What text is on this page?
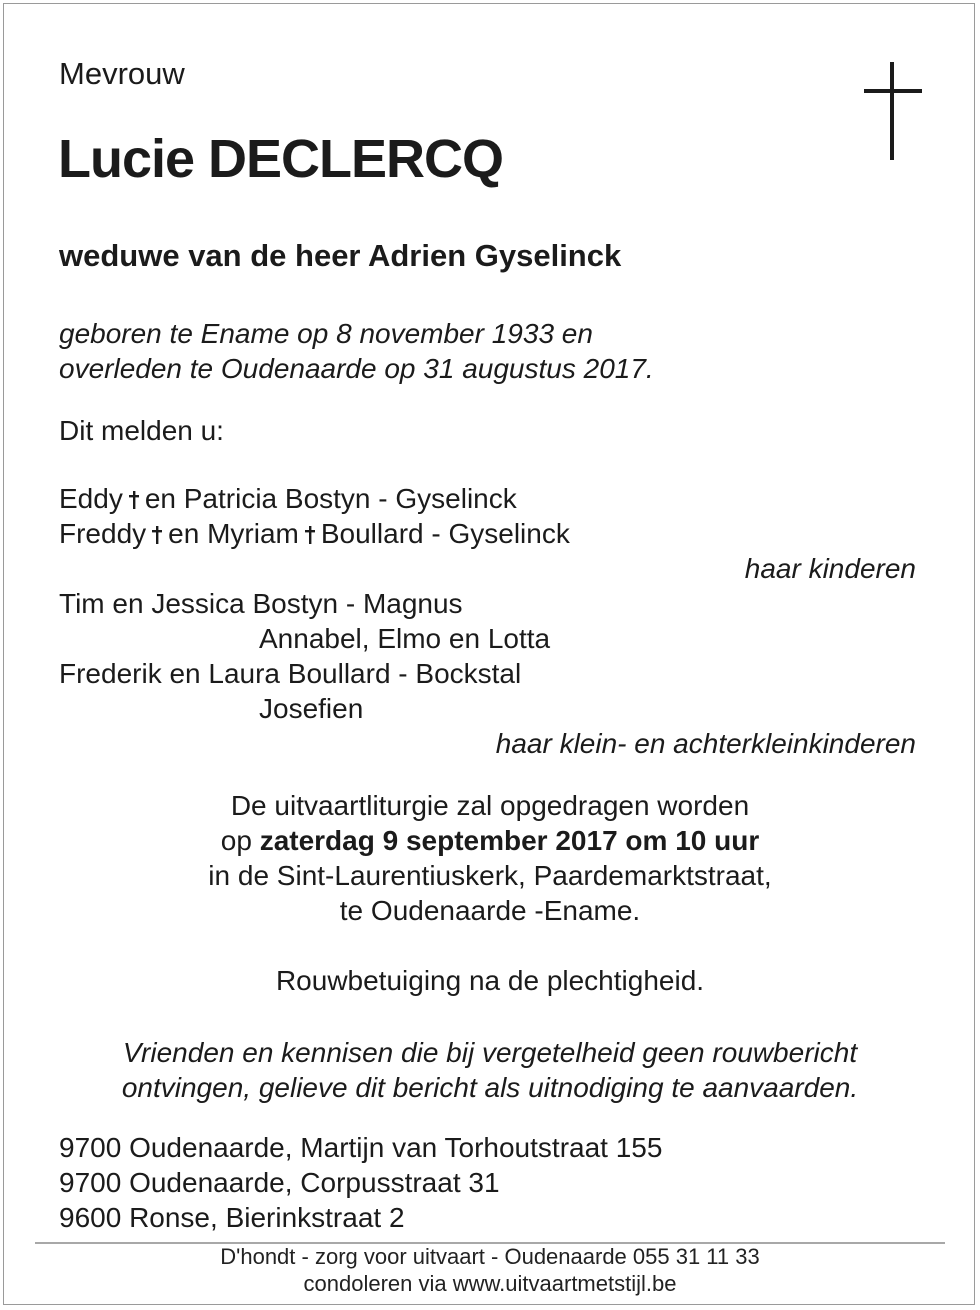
Mevrouw
Lucie DECLERCQ
weduwe van de heer Adrien Gyselinck
geboren te Ename op 8 november 1933 en
overleden te Oudenaarde op 31 augustus 2017.
Dit melden u:
Eddy en Patricia Bostyn - Gyselinck
Freddy en Myriam Boullard - Gyselinck
haar kinderen
Tim en Jessica Bostyn - Magnus
Annabel, Elmo en Lotta
Frederik en Laura Boullard - Bockstal
Josefien
haar klein- en achterkleinkinderen
De uitvaartliturgie zal opgedragen worden
op zaterdag 9 september 2017 om 10 uur
in de Sint-Laurentiuskerk, Paardemarktstraat,
te Oudenaarde -Ename.
Rouwbetuiging na de plechtigheid.
Vrienden en kennisen die bij vergetelheid geen rouwbericht
ontvingen, gelieve dit bericht als uitnodiging te aanvaarden.
9700 Oudenaarde, Martijn van Torhoutstraat 155
9700 Oudenaarde, Corpusstraat 31
9600 Ronse, Bierinkstraat 2
D'hondt - zorg voor uitvaart - Oudenaarde 055 31 11 33
condoleren via www.uitvaartmetstijl.be
